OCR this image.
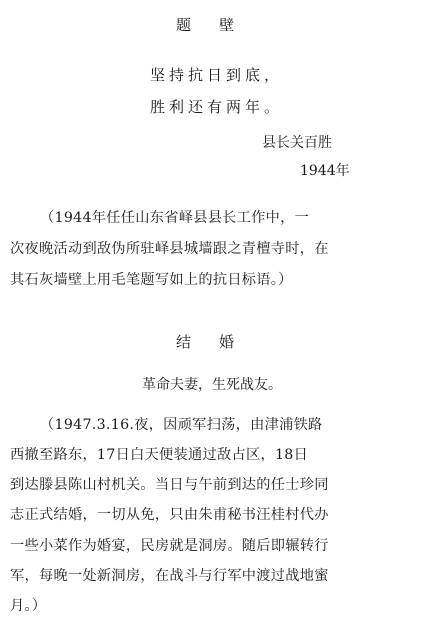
题壁
坚持抗日到底，
胜利还有两年。
县长关百胜
1944年
（1944年任任山东省峄县县长工作中，一
次夜晚活动到敌伪所驻峄县城墙跟之青檀寺时，在
其石灰墙壁上用毛笔题写如上的抗日标语。）
结婚
革命夫妻，生死战友。
（1947.3.16.夜，因顽军扫荡，由津浦铁路
西撤至路东，17日白天便装通过敌占区，18日
到达滕县陈山村机关。当日与午前到达的任士珍同
志正式结婚，一切从免，只由朱甫秘书汪桂村代办
一些小菜作为婚宴，民房就是洞房。随后即辗转行
军，每晚一处新洞房，在战斗与行军中渡过战地蜜
月。）
